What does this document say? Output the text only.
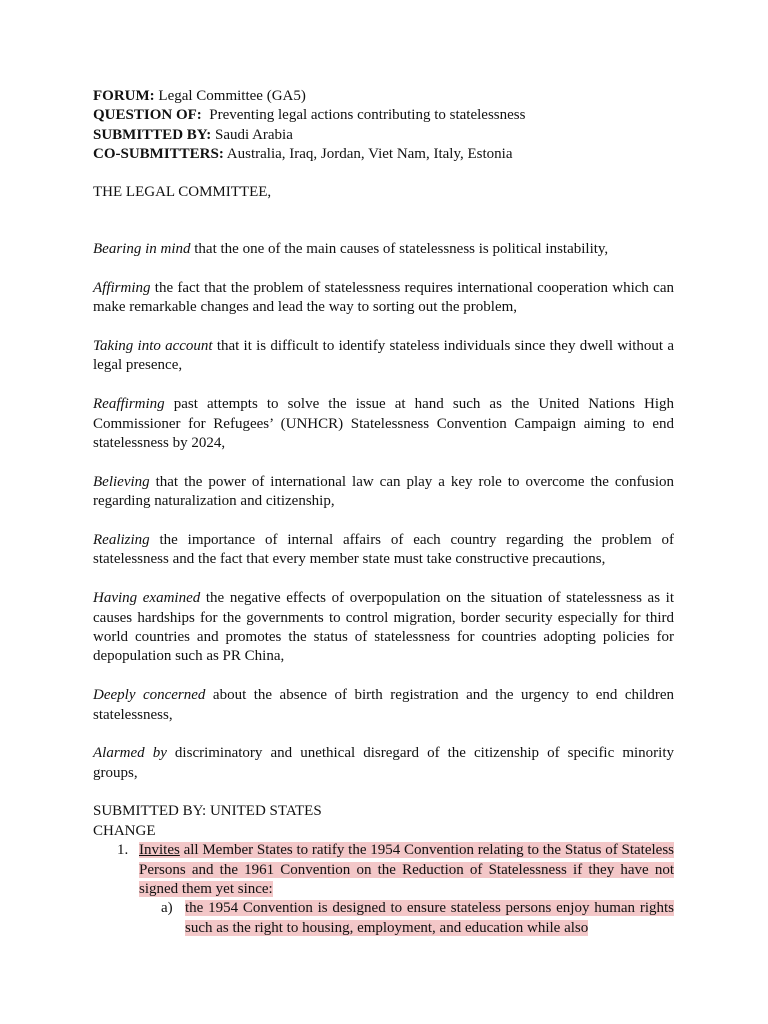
FORUM: Legal Committee (GA5)

QUESTION OF: Preventing legal actions contributing to statelessness

SUBMITTED BY: Saudi Arabia

CO-SUBMITTERS: Australia, Iraq, Jordan, Viet Nam, Italy, Estonia

THE LEGAL COMMITTEE,

Bearing in mind that the one of the main causes of statelessness is political instability,

Affirming the fact that the problem of statelessness requires international cooperation which can make remarkable changes and lead the way to sorting out the problem,

Taking into account that it is difficult to identify stateless individuals since they dwell without a legal presence,

Reaffirming past attempts to solve the issue at hand such as the United Nations High Commissioner for Refugees’ (UNHCR) Statelessness Convention Campaign aiming to end statelessness by 2024,

Believing that the power of international law can play a key role to overcome the confusion regarding naturalization and citizenship,

Realizing the importance of internal affairs of each country regarding the problem of statelessness and the fact that every member state must take constructive precautions,

Having examined the negative effects of overpopulation on the situation of statelessness as it causes hardships for the governments to control migration, border security especially for third world countries and promotes the status of statelessness for countries adopting policies for depopulation such as PR China,

Deeply concerned about the absence of birth registration and the urgency to end children statelessness,

Alarmed by discriminatory and unethical disregard of the citizenship of specific minority groups,

SUBMITTED BY: UNITED STATES

CHANGE

1. Invites all Member States to ratify the 1954 Convention relating to the Status of Stateless Persons and the 1961 Convention on the Reduction of Statelessness if they have not signed them yet since:
a) the 1954 Convention is designed to ensure stateless persons enjoy human rights such as the right to housing, employment, and education while also
